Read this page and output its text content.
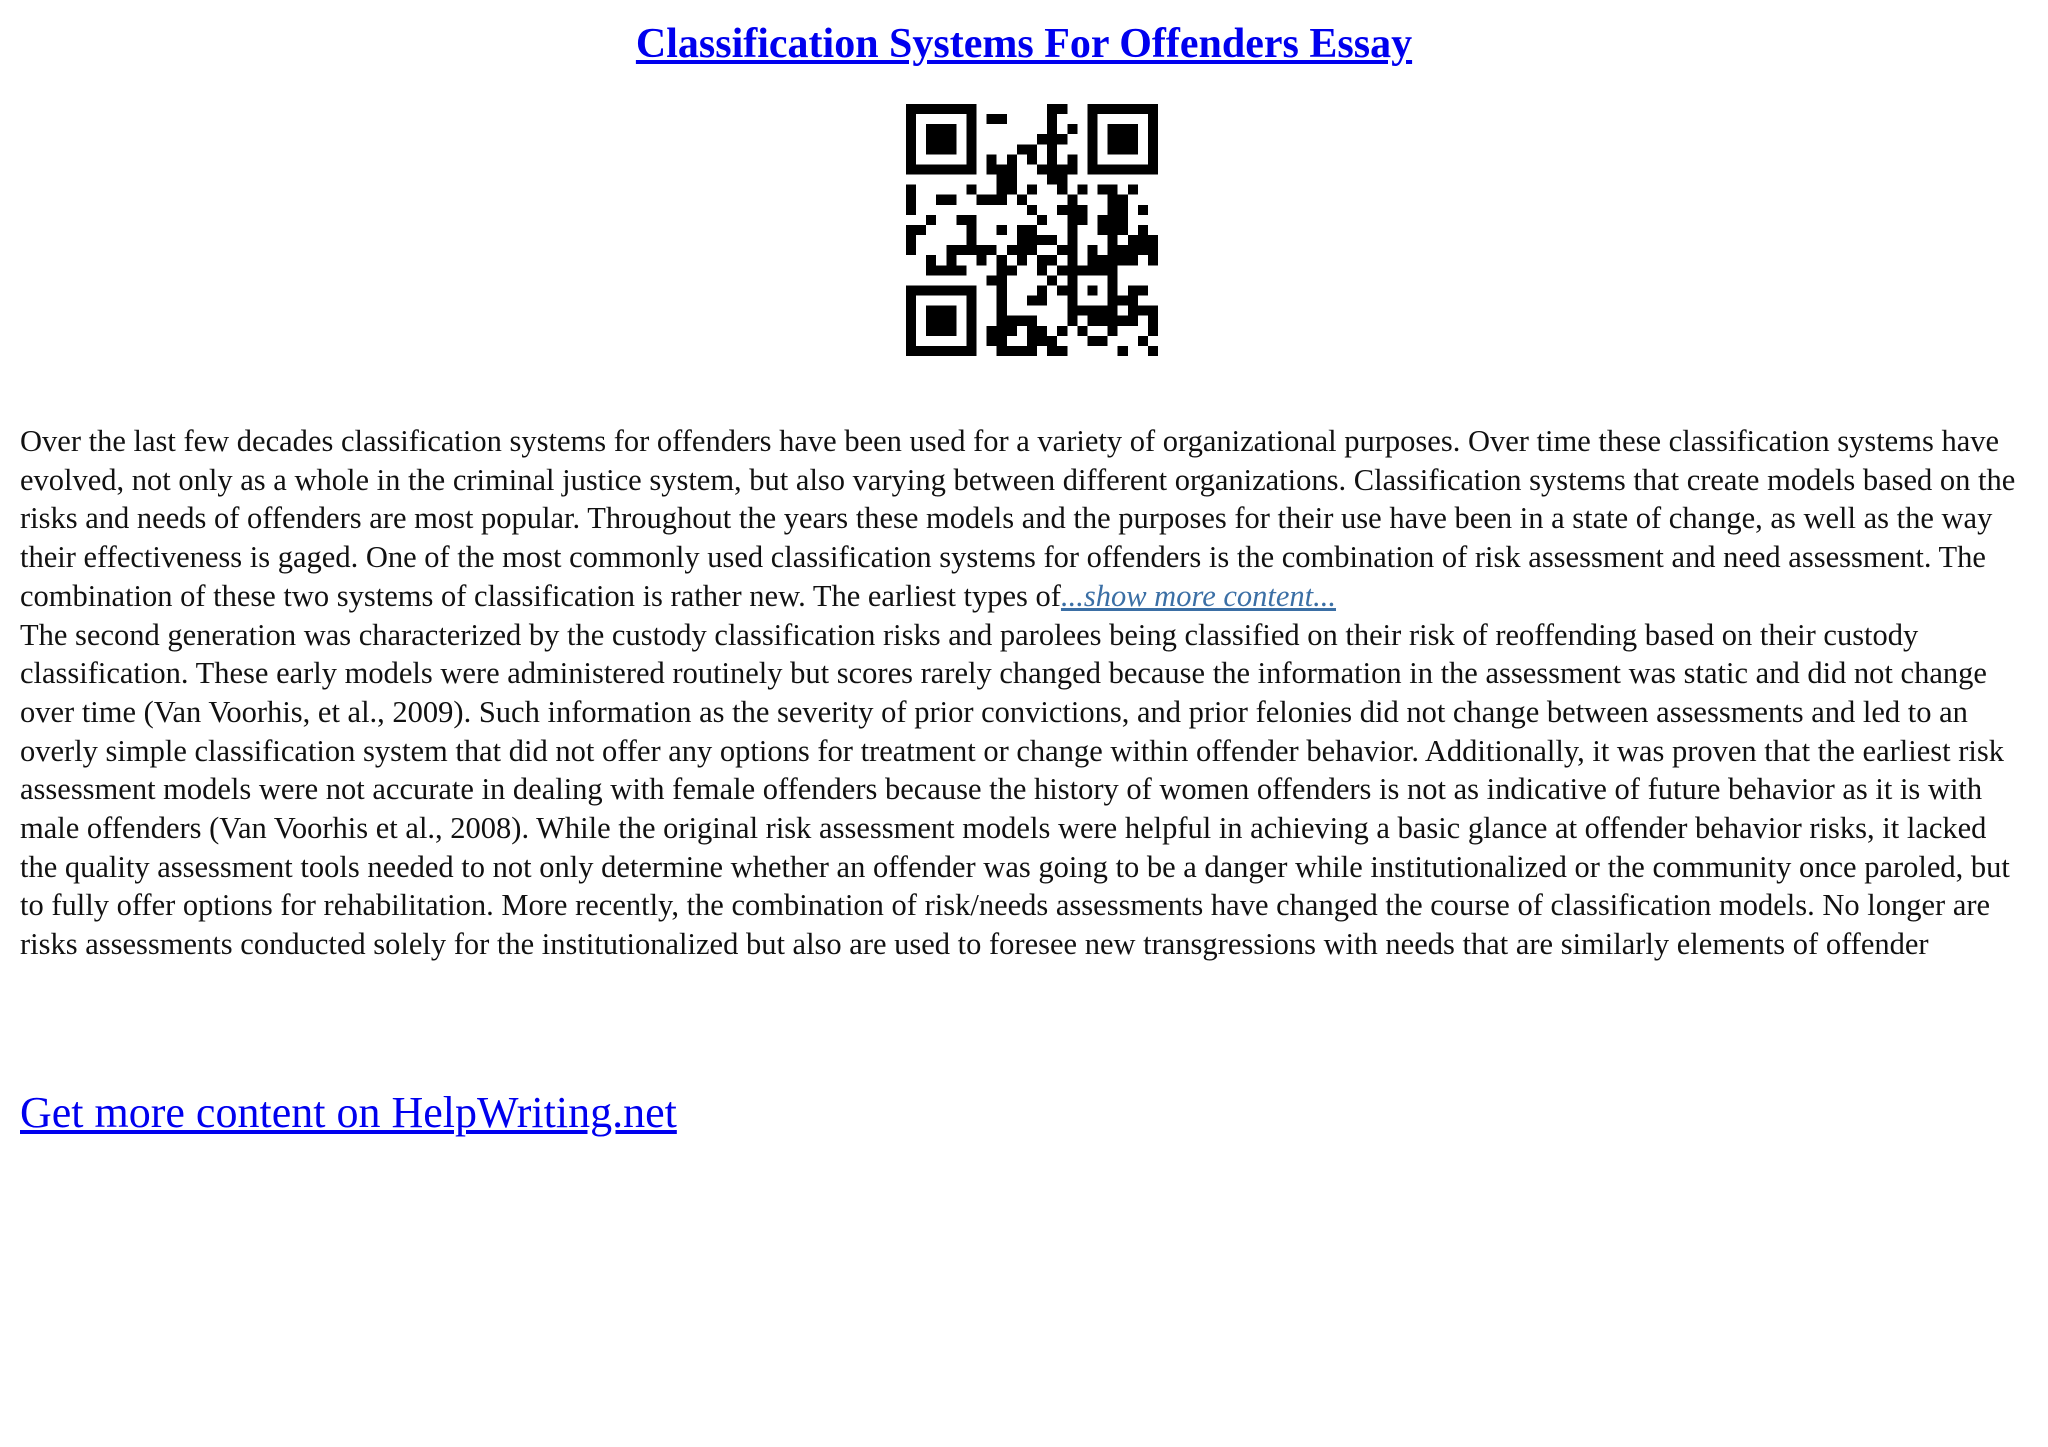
Classification Systems For Offenders Essay

Over the last few decades classification systems for offenders have been used for a variety of organizational purposes. Over time these classification systems have evolved, not only as a whole in the criminal justice system, but also varying between different organizations. Classification systems that create models based on the risks and needs of offenders are most popular. Throughout the years these models and the purposes for their use have been in a state of change, as well as the way their effectiveness is gaged. One of the most commonly used classification systems for offenders is the combination of risk assessment and need assessment. The combination of these two systems of classification is rather new. The earliest types of...show more content...

The second generation was characterized by the custody classification risks and parolees being classified on their risk of reoffending based on their custody classification. These early models were administered routinely but scores rarely changed because the information in the assessment was static and did not change over time (Van Voorhis, et al., 2009). Such information as the severity of prior convictions, and prior felonies did not change between assessments and led to an overly simple classification system that did not offer any options for treatment or change within offender behavior. Additionally, it was proven that the earliest risk assessment models were not accurate in dealing with female offenders because the history of women offenders is not as indicative of future behavior as it is with male offenders (Van Voorhis et al., 2008). While the original risk assessment models were helpful in achieving a basic glance at offender behavior risks, it lacked the quality assessment tools needed to not only determine whether an offender was going to be a danger while institutionalized or the community once paroled, but to fully offer options for rehabilitation. More recently, the combination of risk/needs assessments have changed the course of classification models. No longer are risks assessments conducted solely for the institutionalized but also are used to foresee new transgressions with needs that are similarly elements of offender

Get more content on HelpWriting.net
